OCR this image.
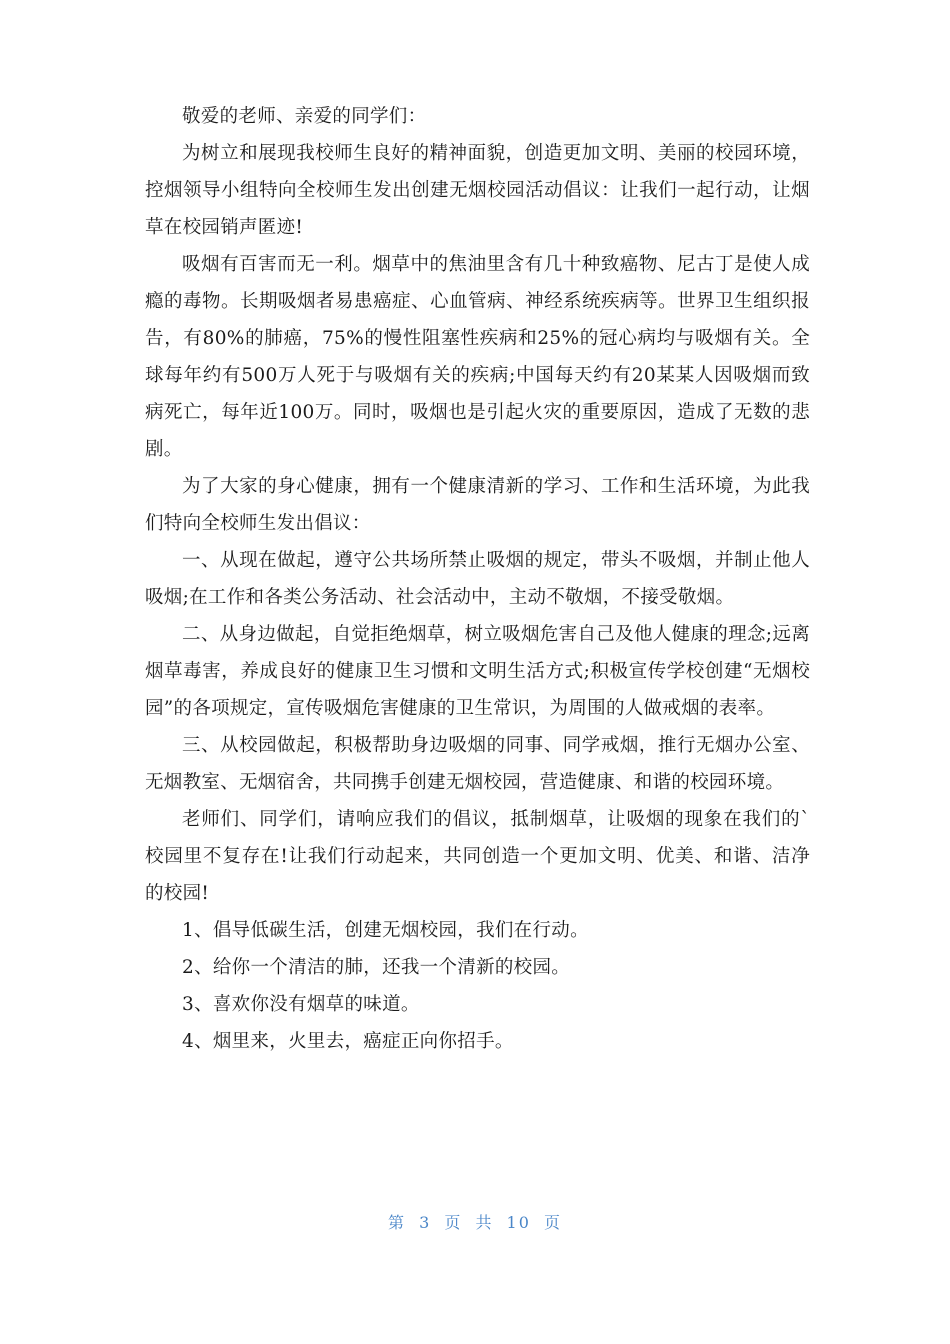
敬爱的老师、亲爱的同学们：

为树立和展现我校师生良好的精神面貌，创造更加文明、美丽的校园环境，控烟领导小组特向全校师生发出创建无烟校园活动倡议：让我们一起行动，让烟草在校园销声匿迹!

吸烟有百害而无一利。烟草中的焦油里含有几十种致癌物、尼古丁是使人成瘾的毒物。长期吸烟者易患癌症、心血管病、神经系统疾病等。世界卫生组织报告，有80%的肺癌，75%的慢性阻塞性疾病和25%的冠心病均与吸烟有关。全球每年约有500万人死于与吸烟有关的疾病;中国每天约有20某某人因吸烟而致病死亡，每年近100万。同时，吸烟也是引起火灾的重要原因，造成了无数的悲剧。

为了大家的身心健康，拥有一个健康清新的学习、工作和生活环境，为此我们特向全校师生发出倡议：

一、从现在做起，遵守公共场所禁止吸烟的规定，带头不吸烟，并制止他人吸烟;在工作和各类公务活动、社会活动中，主动不敬烟，不接受敬烟。

二、从身边做起，自觉拒绝烟草，树立吸烟危害自己及他人健康的理念;远离烟草毒害，养成良好的健康卫生习惯和文明生活方式;积极宣传学校创建“无烟校园”的各项规定，宣传吸烟危害健康的卫生常识，为周围的人做戒烟的表率。

三、从校园做起，积极帮助身边吸烟的同事、同学戒烟，推行无烟办公室、无烟教室、无烟宿舍，共同携手创建无烟校园，营造健康、和谐的校园环境。

老师们、同学们，请响应我们的倡议，抵制烟草，让吸烟的现象在我们的`校园里不复存在!让我们行动起来，共同创造一个更加文明、优美、和谐、洁净的校园!

1、倡导低碳生活，创建无烟校园，我们在行动。

2、给你一个清洁的肺，还我一个清新的校园。

3、喜欢你没有烟草的味道。

4、烟里来，火里去，癌症正向你招手。

第 3 页 共 10 页
